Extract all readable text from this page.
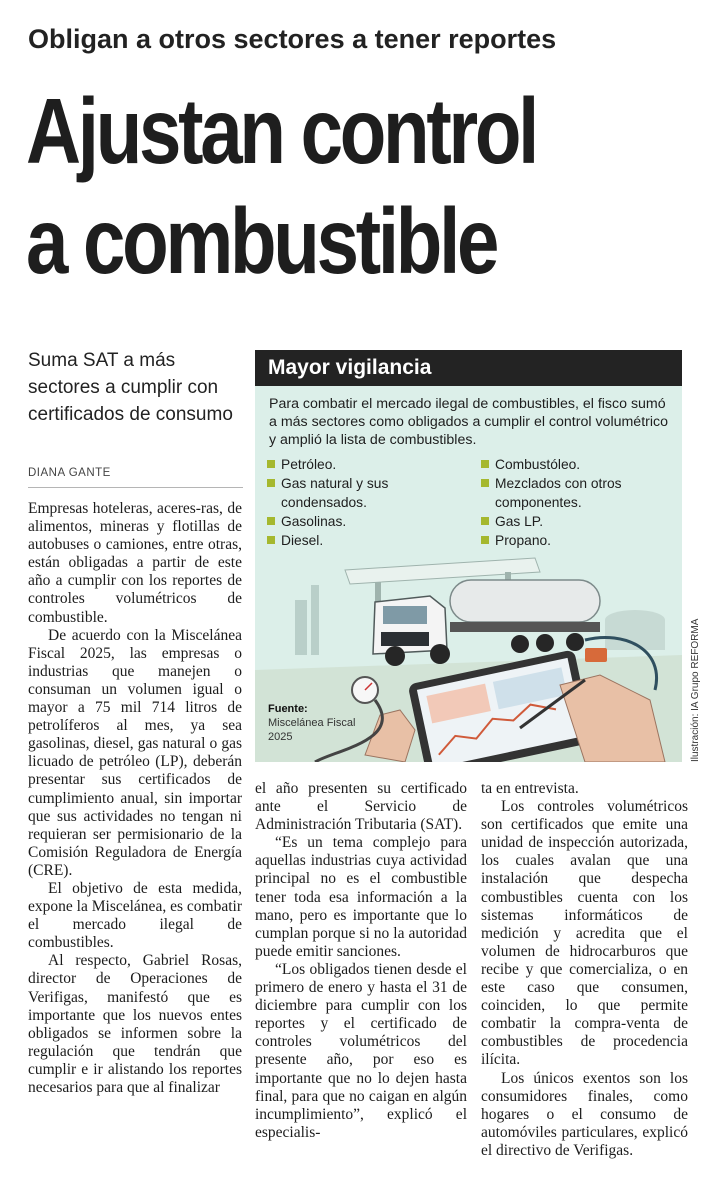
Obligan a otros sectores a tener reportes
Ajustan control
a combustible
Suma SAT a más sectores a cumplir con certificados de consumo
DIANA GANTE

Empresas hoteleras, aceres-ras, de alimentos, mineras y flotillas de autobuses o camiones, entre otras, están obligadas a partir de este año a cumplir con los reportes de controles volumétricos de combustible.

De acuerdo con la Miscelánea Fiscal 2025, las empresas o industrias que manejen o consuman un volumen igual o mayor a 75 mil 714 litros de petrolíferos al mes, ya sea gasolinas, diesel, gas natural o gas licuado de petróleo (LP), deberán presentar sus certificados de cumplimiento anual, sin importar que sus actividades no tengan ni requieran ser permisionario de la Comisión Reguladora de Energía (CRE).

El objetivo de esta medida, expone la Miscelánea, es combatir el mercado ilegal de combustibles.

Al respecto, Gabriel Rosas, director de Operaciones de Verifigas, manifestó que es importante que los nuevos entes obligados se informen sobre la regulación que tendrán que cumplir e ir alistando los reportes necesarios para que al finalizar

Mayor vigilancia
Para combatir el mercado ilegal de combustibles, el fisco sumó a más sectores como obligados a cumplir el control volumétrico y amplió la lista de combustibles.
Petróleo.
Gas natural y sus condensados.
Gasolinas.
Diesel.
Combustóleo.
Mezclados con otros componentes.
Gas LP.
Propano.
Fuente:
Miscelánea Fiscal 2025	Ilustración: IA Grupo REFORMA

el año presenten su certificado ante el Servicio de Administración Tributaria (SAT).

“Es un tema complejo para aquellas industrias cuya actividad principal no es el combustible tener toda esa información a la mano, pero es importante que lo cumplan porque si no la autoridad puede emitir sanciones.

“Los obligados tienen desde el primero de enero y hasta el 31 de diciembre para cumplir con los reportes y el certificado de controles volumétricos del presente año, por eso es importante que no lo dejen hasta final, para que no caigan en algún incumplimiento”, explicó el especialis-

ta en entrevista.

Los controles volumétricos son certificados que emite una unidad de inspección autorizada, los cuales avalan que una instalación que despecha combustibles cuenta con los sistemas informáticos de medición y acredita que el volumen de hidrocarburos que recibe y que comercializa, o en este caso que consumen, coinciden, lo que permite combatir la compra-venta de combustibles de procedencia ilícita.

Los únicos exentos son los consumidores finales, como hogares o el consumo de automóviles particulares, explicó el directivo de Verifigas.
